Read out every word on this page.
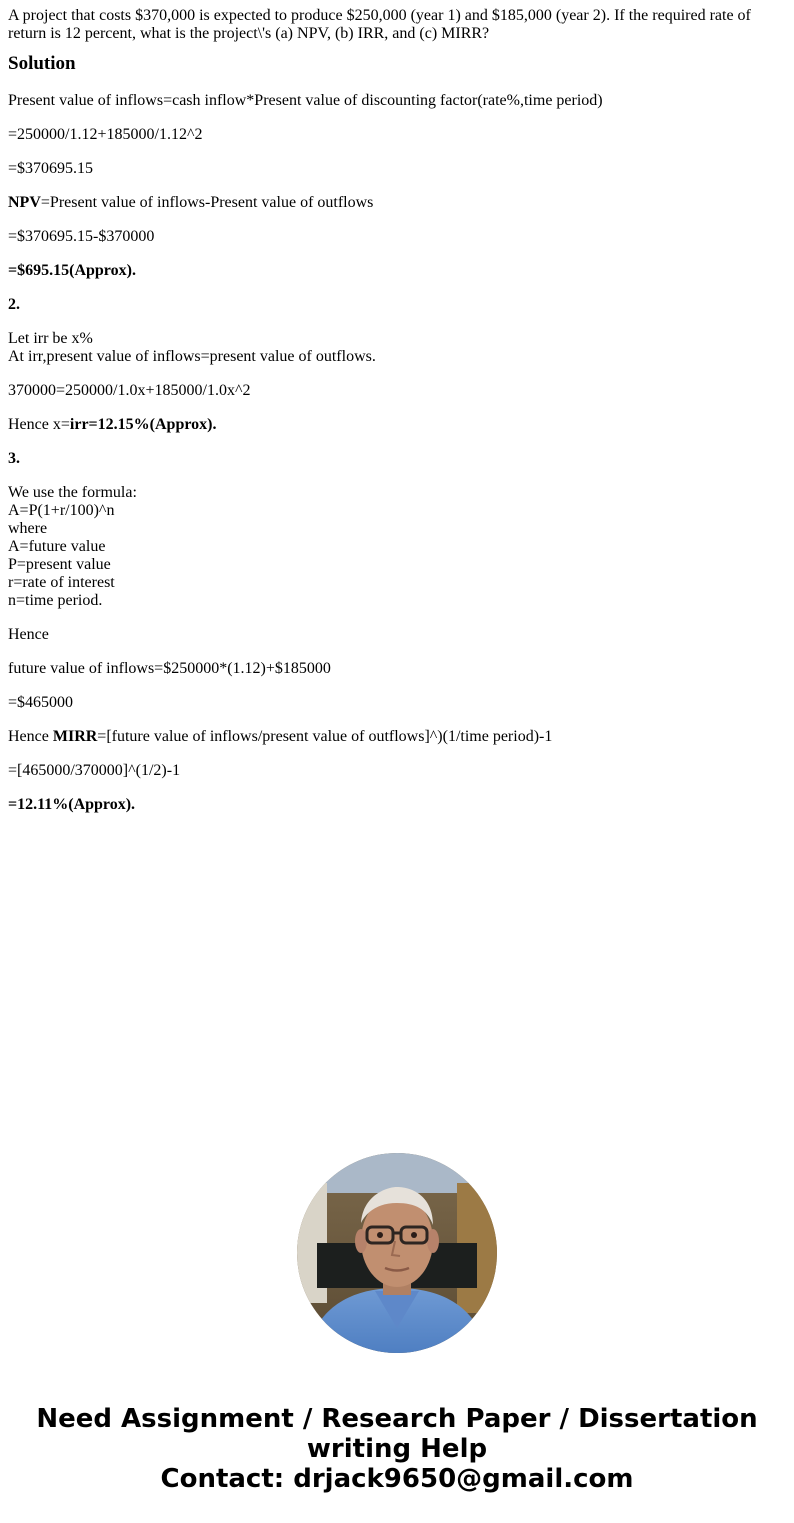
A project that costs $370,000 is expected to produce $250,000 (year 1) and $185,000 (year 2). If the required rate of return is 12 percent, what is the project\'s (a) NPV, (b) IRR, and (c) MIRR?
Solution

Present value of inflows=cash inflow*Present value of discounting factor(rate%,time period)

=250000/1.12+185000/1.12^2

=$370695.15

NPV=Present value of inflows-Present value of outflows

=$370695.15-$370000

=$695.15(Approx).

2.

Let irr be x%
At irr,present value of inflows=present value of outflows.

370000=250000/1.0x+185000/1.0x^2

Hence x=irr=12.15%(Approx).

3.

We use the formula:
A=P(1+r/100)^n
where
A=future value
P=present value
r=rate of interest
n=time period.

Hence

future value of inflows=$250000*(1.12)+$185000

=$465000

Hence MIRR=[future value of inflows/present value of outflows]^)(1/time period)-1

=[465000/370000]^(1/2)-1

=12.11%(Approx).

Need Assignment / Research Paper / Dissertation
writing Help
Contact: drjack9650@gmail.com
